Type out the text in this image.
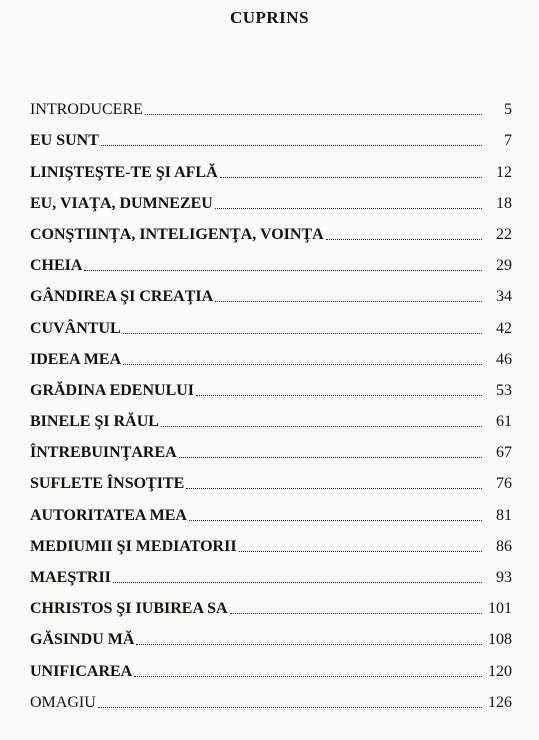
CUPRINS
INTRODUCERE	5
EU SUNT	7
LINIŞTEŞTE-TE ŞI AFLĂ	12
EU, VIAŢA, DUMNEZEU	18
CONŞTIINŢA, INTELIGENŢA, VOINŢA	22
CHEIA	29
GÂNDIREA ŞI CREAŢIA	34
CUVÂNTUL	42
IDEEA MEA	46
GRĂDINA EDENULUI	53
BINELE ŞI RĂUL	61
ÎNTREBUINŢAREA	67
SUFLETE ÎNSOŢITE	76
AUTORITATEA MEA	81
MEDIUMII ŞI MEDIATORII	86
MAEŞTRII	93
CHRISTOS ŞI IUBIREA SA	101
GĂSINDU MĂ	108
UNIFICAREA	120
OMAGIU	126
